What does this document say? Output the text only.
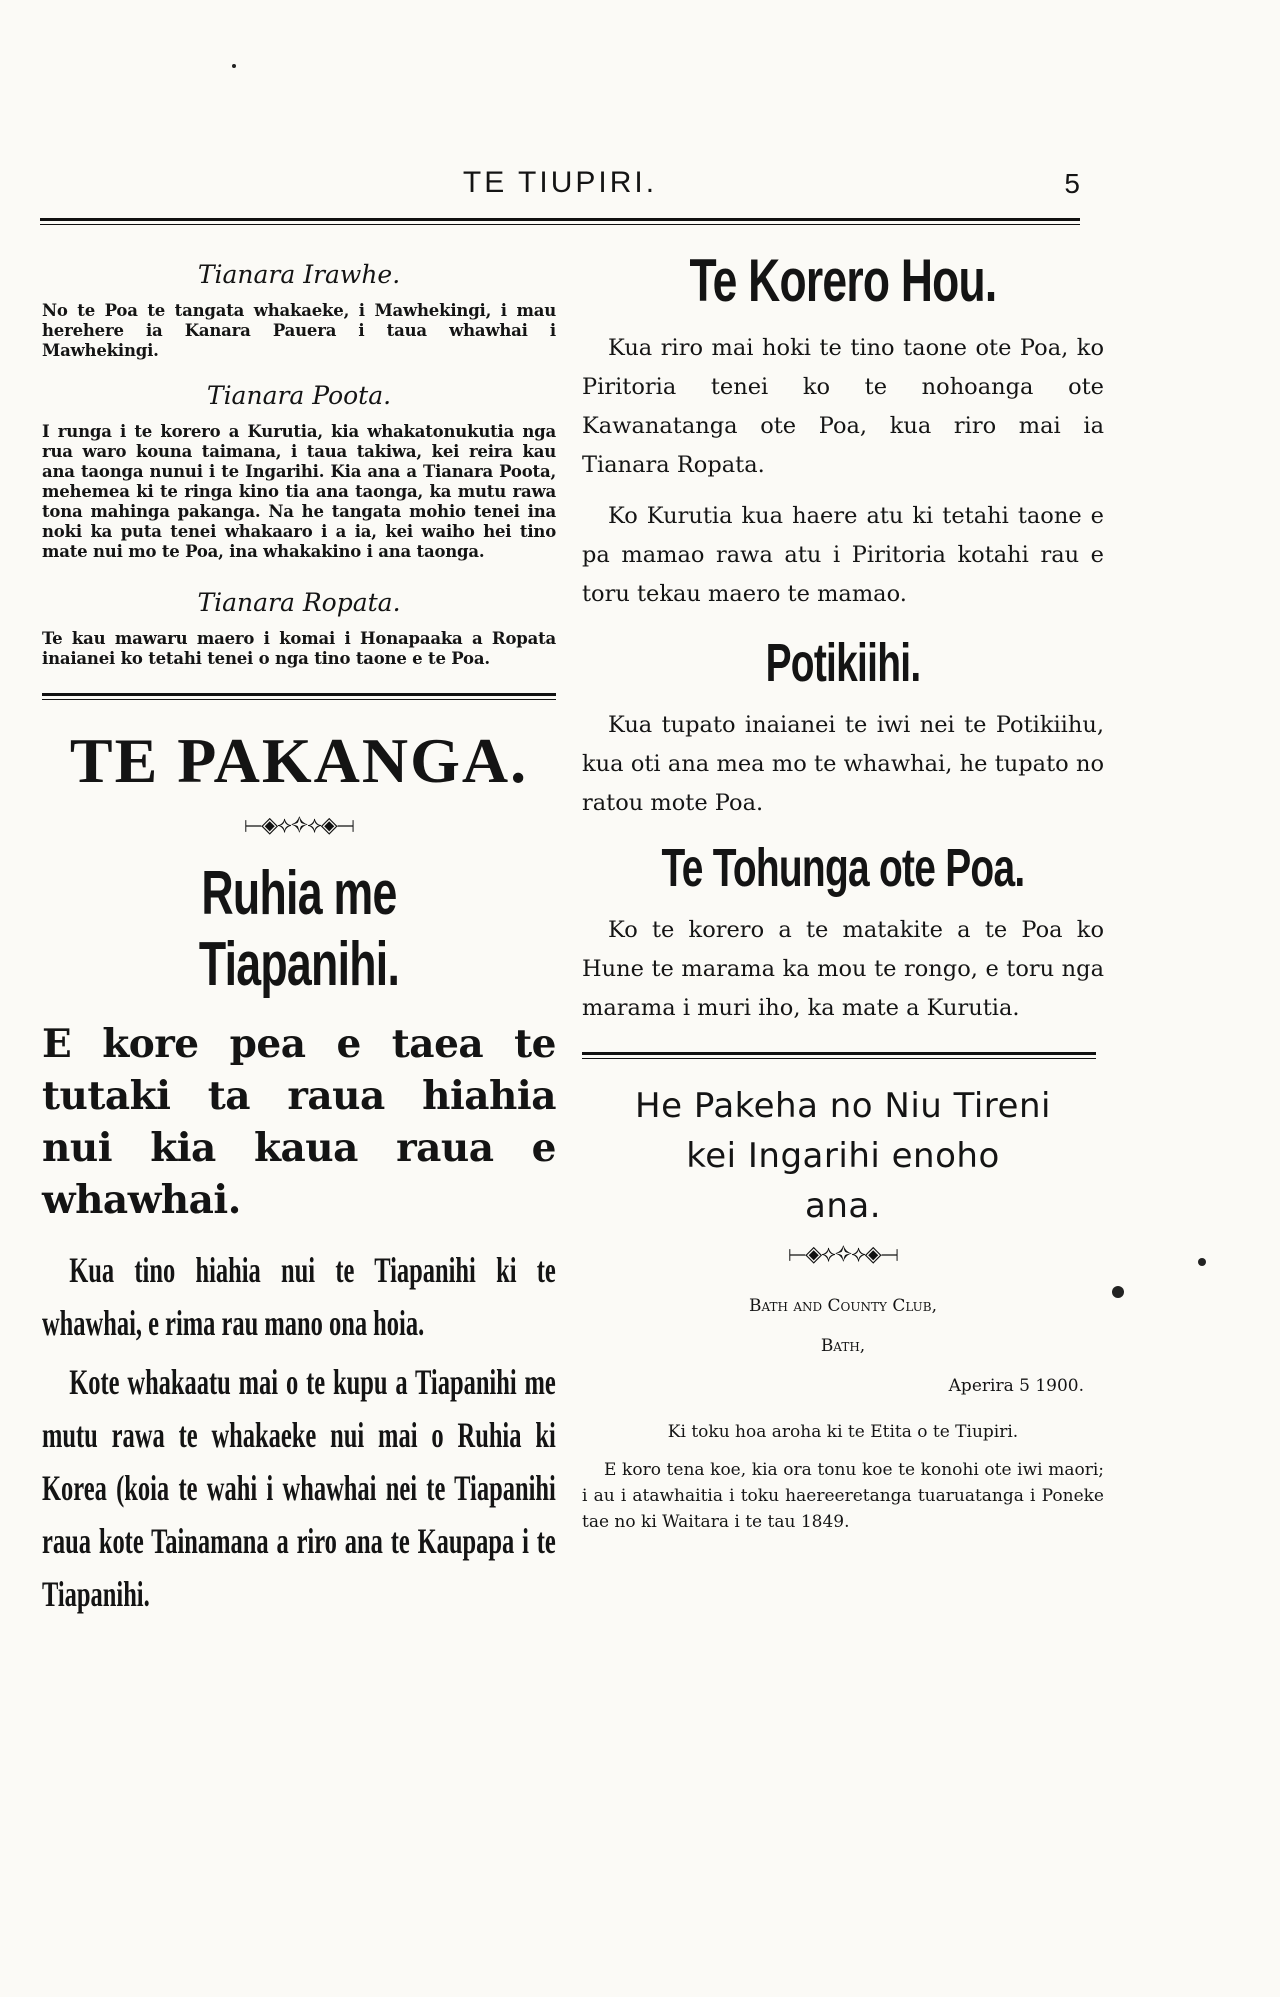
TE TIUPIRI.	5
Tianara Irawhe.

No te Poa te tangata whakaeke, i Mawhekingi, i mau herehere ia Kanara Pauera i taua whawhai i Mawhekingi.

Tianara Poota.

I runga i te korero a Kurutia, kia whakatonukutia nga rua waro kouna taimana, i taua takiwa, kei reira kau ana taonga nunui i te Ingarihi. Kia ana a Tianara Poota, mehemea ki te ringa kino tia ana taonga, ka mutu rawa tona mahinga pakanga. Na he tangata mohio tenei ina noki ka puta tenei whakaaro i a ia, kei waiho hei tino mate nui mo te Poa, ina whakakino i ana taonga.

Tianara Ropata.

Te kau mawaru maero i komai i Honapaaka a Ropata inaianei ko tetahi tenei o nga tino taone e te Poa.

TE PAKANGA.
⟝◈⟡✧⟡◈⟞
Ruhia me Tiapanihi.

E kore pea e taea te tutaki ta raua hiahia nui kia kaua raua e whawhai.

Kua tino hiahia nui te Tiapanihi ki te whawhai, e rima rau mano ona hoia.

Kote whakaatu mai o te kupu a Tiapanihi me mutu rawa te whakaeke nui mai o Ruhia ki Korea (koia te wahi i whawhai nei te Tiapanihi raua kote Tainamana a riro ana te Kaupapa i te Tiapanihi.

Te Korero Hou.

Kua riro mai hoki te tino taone ote Poa, ko Piritoria tenei ko te nohoanga ote Kawanatanga ote Poa, kua riro mai ia Tianara Ropata.

Ko Kurutia kua haere atu ki tetahi taone e pa mamao rawa atu i Piritoria kotahi rau e toru tekau maero te mamao.

Potikiihi.

Kua tupato inaianei te iwi nei te Potikiihu, kua oti ana mea mo te whawhai, he tupato no ratou mote Poa.

Te Tohunga ote Poa.

Ko te korero a te matakite a te Poa ko Hune te marama ka mou te rongo, e toru nga marama i muri iho, ka mate a Kurutia.

He Pakeha no Niu Tireni
kei Ingarihi enoho
ana.
⟝◈⟡✧⟡◈⟞
Bath and County Club,
Bath,
Aperira 5 1900.
Ki toku hoa aroha ki te Etita o te Tiupiri.

E koro tena koe, kia ora tonu koe te konohi ote iwi maori; i au i atawhaitia i toku haereeretanga tuaruatanga i Poneke tae no ki Waitara i te tau 1849.
